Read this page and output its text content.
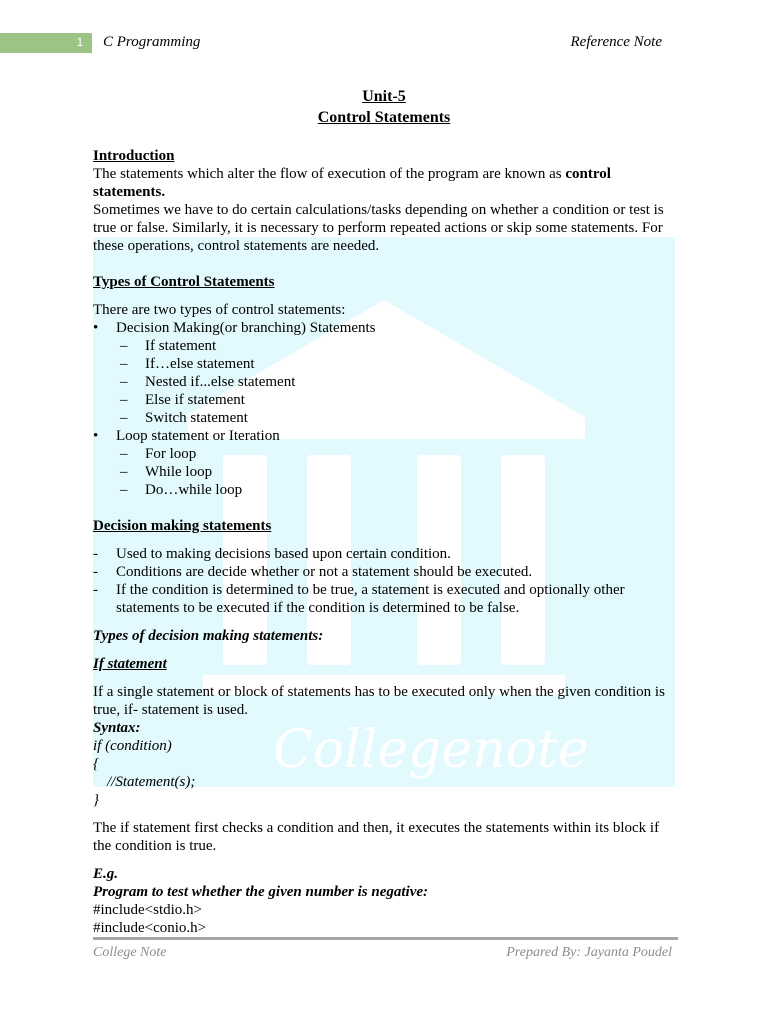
1 C Programming	Reference Note
Collegenote
Unit-5
Control Statements
Introduction

The statements which alter the flow of execution of the program are known as control statements.

Sometimes we have to do certain calculations/tasks depending on whether a condition or test is true or false. Similarly, it is necessary to perform repeated actions or skip some statements. For these operations, control statements are needed.

Types of Control Statements

There are two types of control statements:

• Decision Making(or branching) Statements
– If statement
– If…else statement
– Nested if...else statement
– Else if statement
– Switch statement
• Loop statement or Iteration
– For loop
– While loop
– Do…while loop
Decision making statements
- Used to making decisions based upon certain condition.
- Conditions are decide whether or not a statement should be executed.
- If the condition is determined to be true, a statement is executed and optionally other statements to be executed if the condition is determined to be false.
Types of decision making statements:
If statement

If a single statement or block of statements has to be executed only when the given condition is true, if- statement is used.

Syntax:
if (condition)
{
//Statement(s);
}

The if statement first checks a condition and then, it executes the statements within its block if the condition is true.

E.g.
Program to test whether the given number is negative:
#include<stdio.h>
#include<conio.h>
College Note	Prepared By: Jayanta Poudel
